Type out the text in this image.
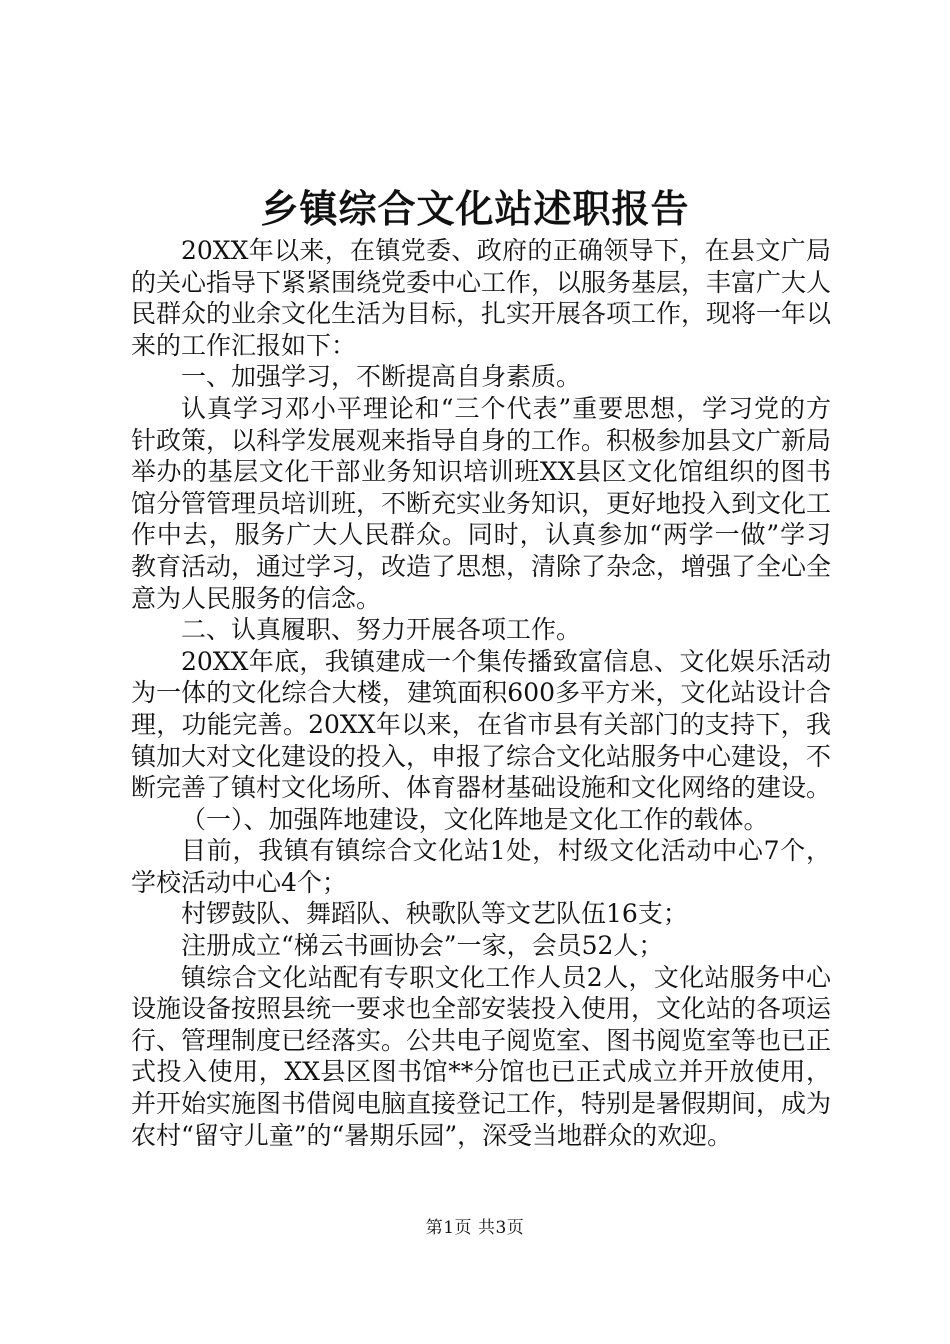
乡镇综合文化站述职报告

20XX年以来，在镇党委、政府的正确领导下，在县文广局的关心指导下紧紧围绕党委中心工作，以服务基层，丰富广大人民群众的业余文化生活为目标，扎实开展各项工作，现将一年以来的工作汇报如下：

一、加强学习，不断提高自身素质。

认真学习邓小平理论和“三个代表”重要思想，学习党的方针政策，以科学发展观来指导自身的工作。积极参加县文广新局举办的基层文化干部业务知识培训班XX县区文化馆组织的图书馆分管管理员培训班，不断充实业务知识，更好地投入到文化工作中去，服务广大人民群众。同时，认真参加“两学一做”学习教育活动，通过学习，改造了思想，清除了杂念，增强了全心全意为人民服务的信念。

二、认真履职、努力开展各项工作。

20XX年底，我镇建成一个集传播致富信息、文化娱乐活动为一体的文化综合大楼，建筑面积600多平方米，文化站设计合理，功能完善。20XX年以来，在省市县有关部门的支持下，我镇加大对文化建设的投入，申报了综合文化站服务中心建设，不断完善了镇村文化场所、体育器材基础设施和文化网络的建设。

（一）、加强阵地建设，文化阵地是文化工作的载体。

目前，我镇有镇综合文化站1处，村级文化活动中心7个，学校活动中心4个；

村锣鼓队、舞蹈队、秧歌队等文艺队伍16支；

注册成立“梯云书画协会”一家，会员52人；

镇综合文化站配有专职文化工作人员2人，文化站服务中心设施设备按照县统一要求也全部安装投入使用，文化站的各项运行、管理制度已经落实。公共电子阅览室、图书阅览室等也已正式投入使用，XX县区图书馆**分馆也已正式成立并开放使用，并开始实施图书借阅电脑直接登记工作，特别是暑假期间，成为农村“留守儿童”的“暑期乐园”，深受当地群众的欢迎。

第1页 共3页
